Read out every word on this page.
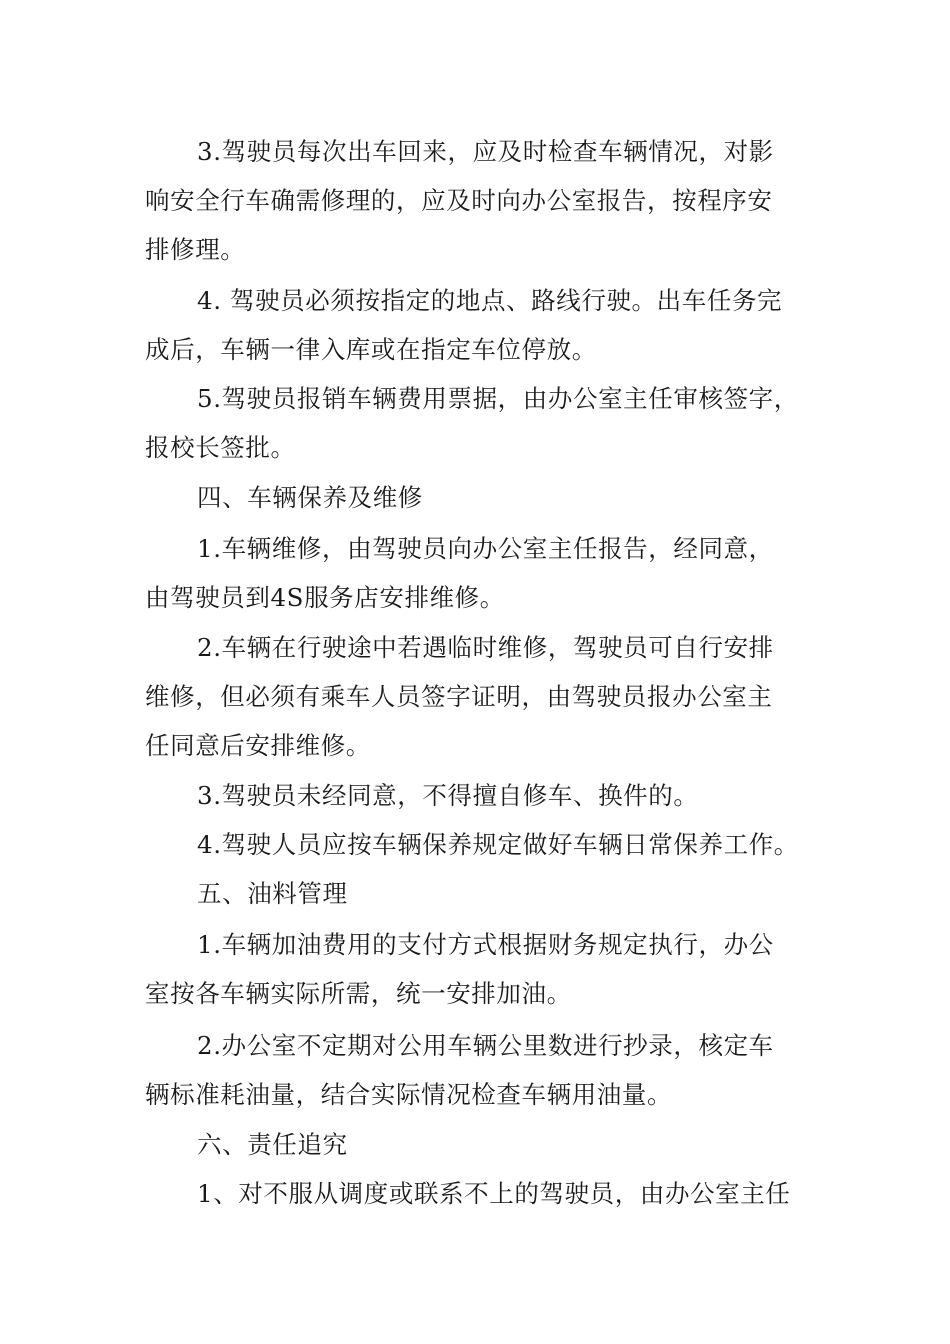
3.驾驶员每次出车回来，应及时检查车辆情况，对影
响安全行车确需修理的，应及时向办公室报告，按程序安
排修理。
4. 驾驶员必须按指定的地点、路线行驶。出车任务完
成后，车辆一律入库或在指定车位停放。
5.驾驶员报销车辆费用票据，由办公室主任审核签字，
报校长签批。
四、车辆保养及维修
1.车辆维修，由驾驶员向办公室主任报告，经同意，
由驾驶员到4S服务店安排维修。
2.车辆在行驶途中若遇临时维修，驾驶员可自行安排
维修，但必须有乘车人员签字证明，由驾驶员报办公室主
任同意后安排维修。
3.驾驶员未经同意，不得擅自修车、换件的。
4.驾驶人员应按车辆保养规定做好车辆日常保养工作。
五、油料管理
1.车辆加油费用的支付方式根据财务规定执行，办公
室按各车辆实际所需，统一安排加油。
2.办公室不定期对公用车辆公里数进行抄录，核定车
辆标准耗油量，结合实际情况检查车辆用油量。
六、责任追究
1、对不服从调度或联系不上的驾驶员，由办公室主任
